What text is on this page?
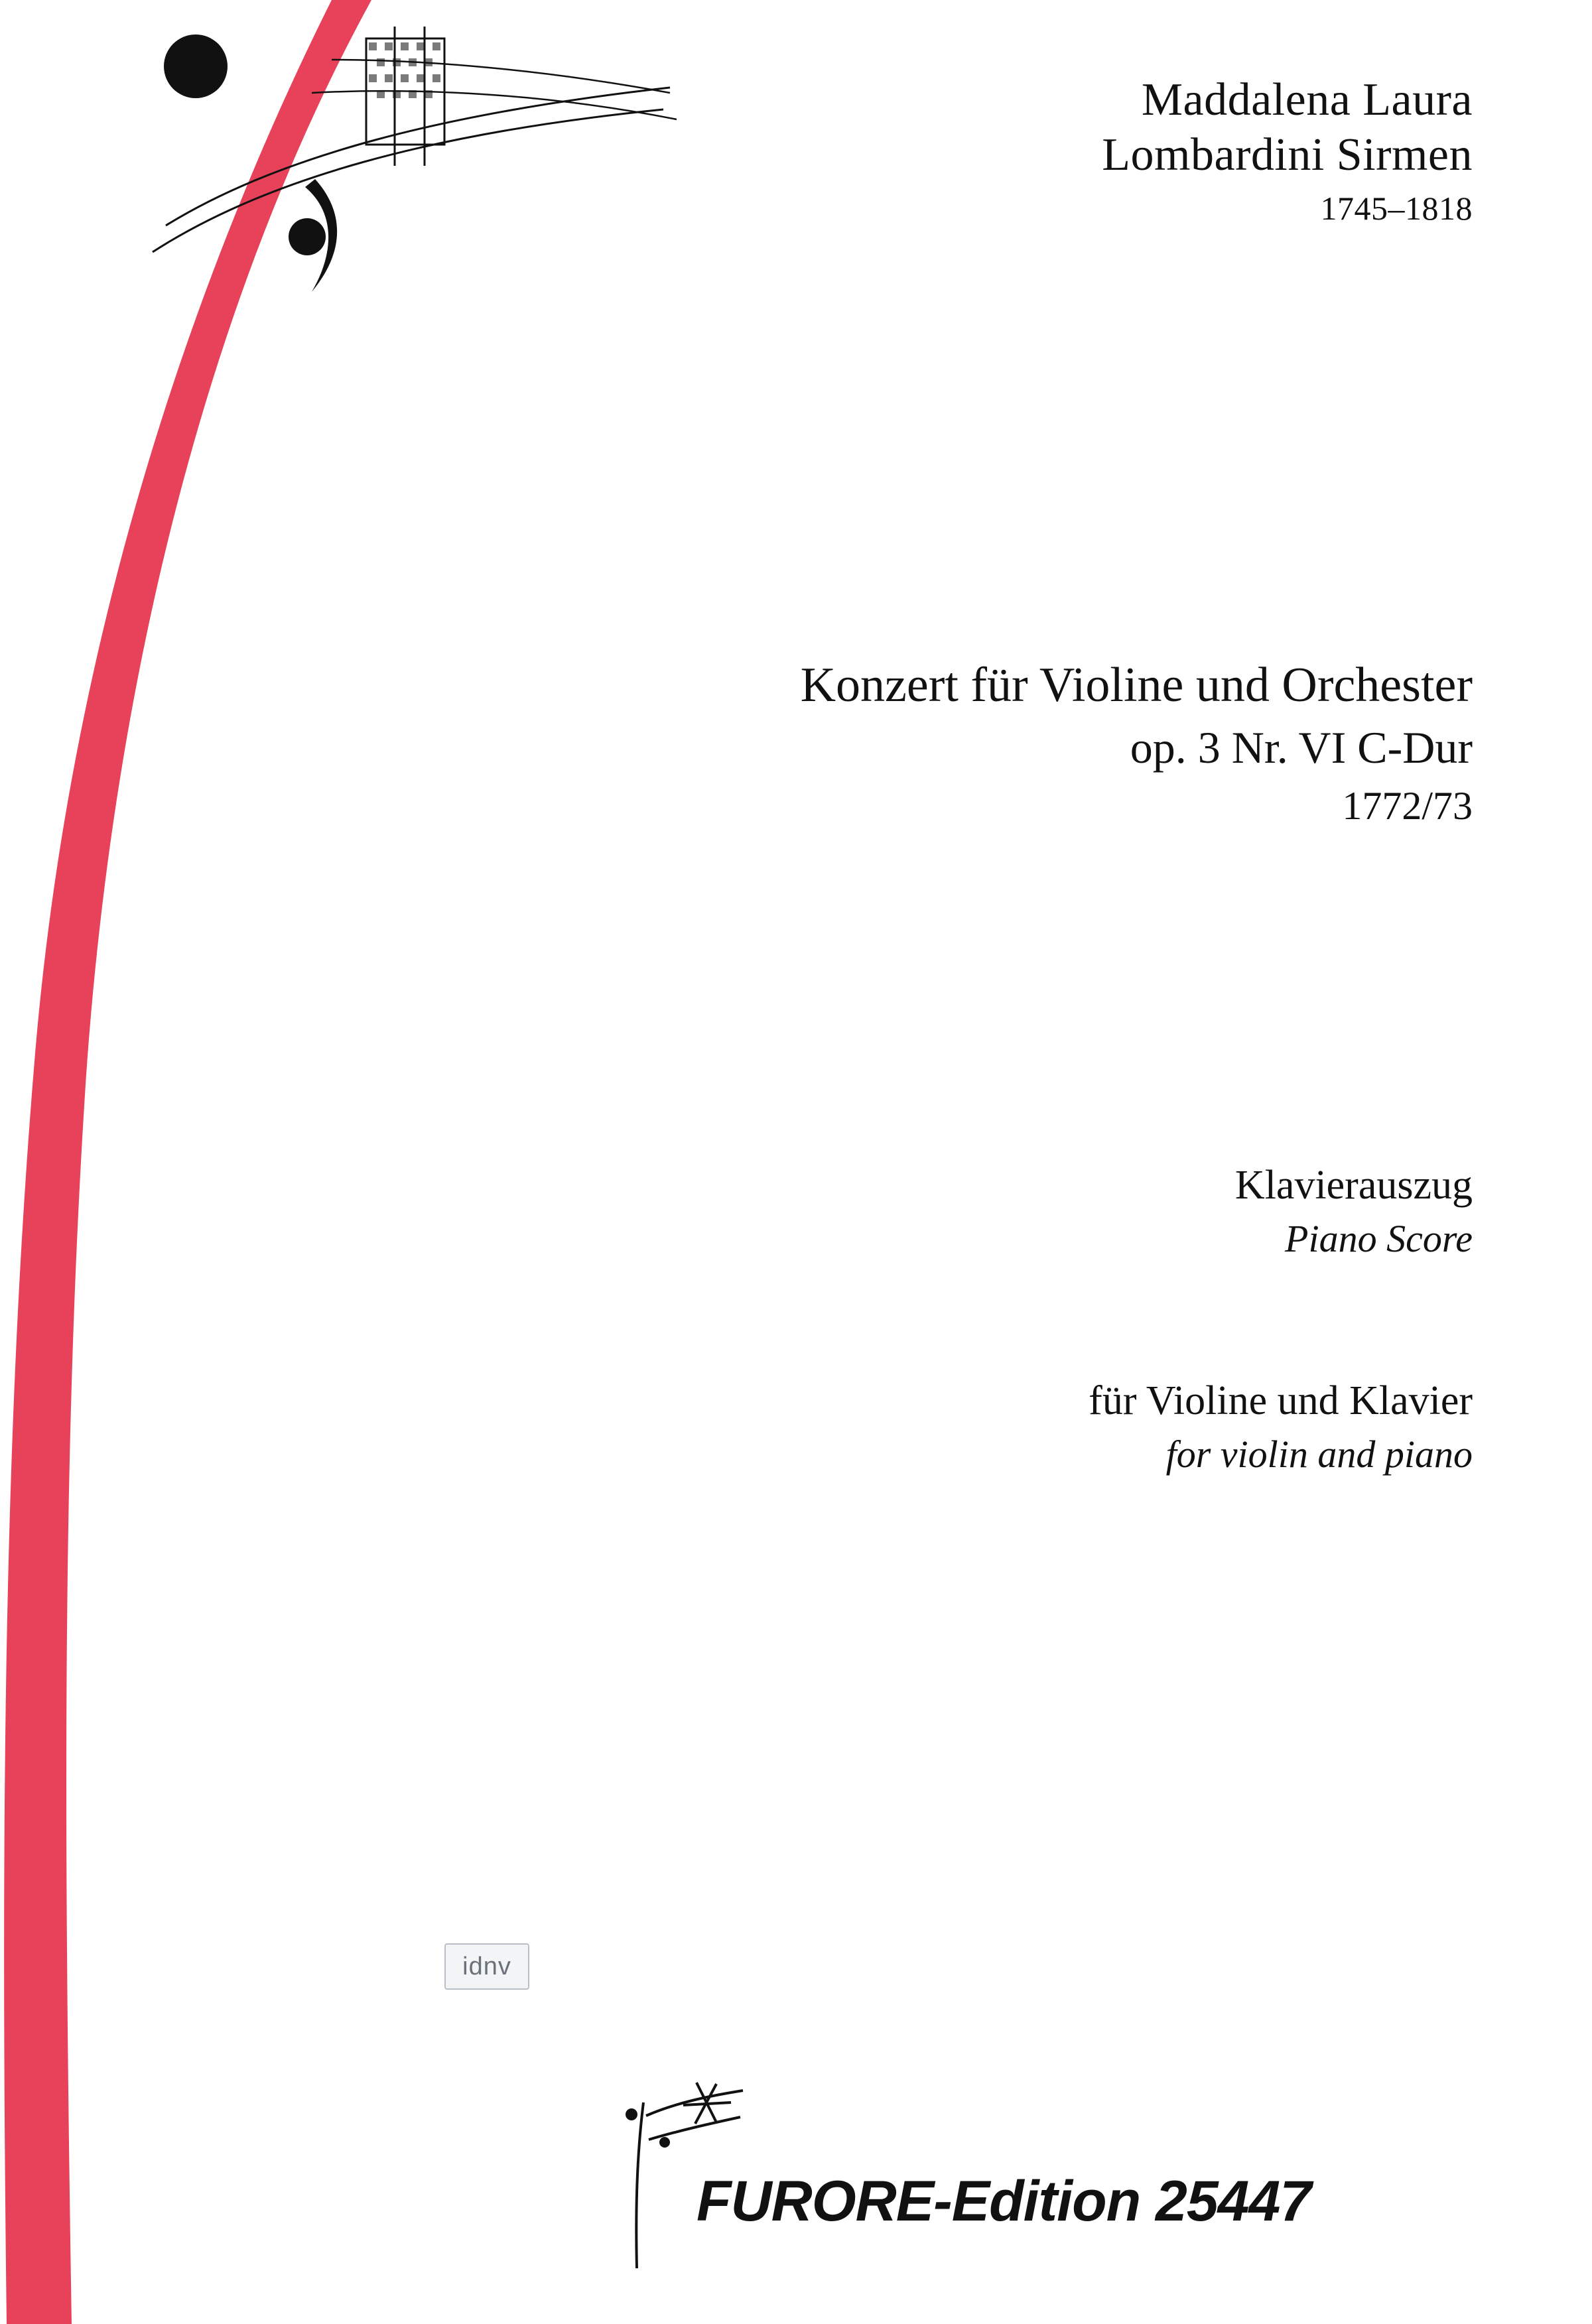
Maddalena Laura
Lombardini Sirmen
1745–1818
Konzert für Violine und Orchester
op. 3 Nr. VI C-Dur
1772/73
Klavierauszug
Piano Score
für Violine und Klavier
for violin and piano
idnv
FURORE-Edition 25447
